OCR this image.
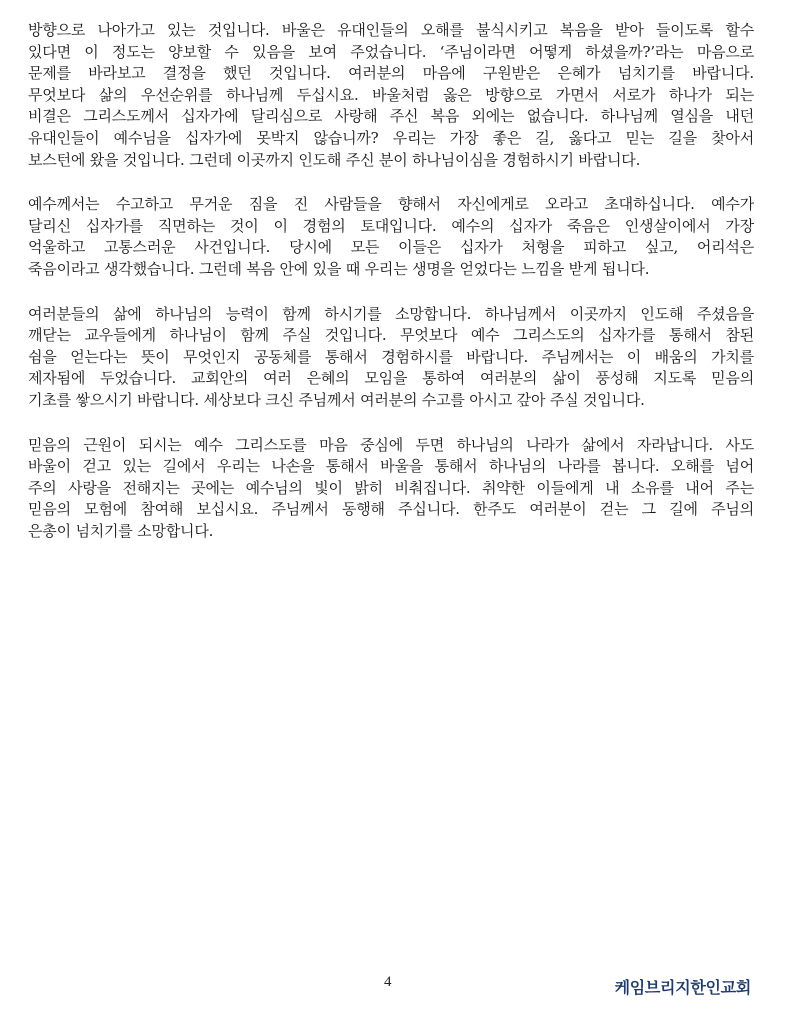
방향으로 나아가고 있는 것입니다. 바울은 유대인들의 오해를 불식시키고 복음을 받아 들이도록 할수
있다면 이 정도는 양보할 수 있음을 보여 주었습니다. ‘주님이라면 어떻게 하셨을까?’라는 마음으로
문제를 바라보고 결정을 했던 것입니다. 여러분의 마음에 구원받은 은혜가 넘치기를 바랍니다.
무엇보다 삶의 우선순위를 하나님께 두십시요. 바울처럼 옳은 방향으로 가면서 서로가 하나가 되는
비결은 그리스도께서 십자가에 달리심으로 사랑해 주신 복음 외에는 없습니다. 하나님께 열심을 내던
유대인들이 예수님을 십자가에 못박지 않습니까? 우리는 가장 좋은 길, 옳다고 믿는 길을 찾아서
보스턴에 왔을 것입니다. 그런데 이곳까지 인도해 주신 분이 하나님이심을 경험하시기 바랍니다.
예수께서는 수고하고 무거운 짐을 진 사람들을 향해서 자신에게로 오라고 초대하십니다. 예수가
달리신 십자가를 직면하는 것이 이 경험의 토대입니다. 예수의 십자가 죽음은 인생살이에서 가장
억울하고 고통스러운 사건입니다. 당시에 모든 이들은 십자가 처형을 피하고 싶고, 어리석은
죽음이라고 생각했습니다. 그런데 복음 안에 있을 때 우리는 생명을 얻었다는 느낌을 받게 됩니다.
여러분들의 삶에 하나님의 능력이 함께 하시기를 소망합니다. 하나님께서 이곳까지 인도해 주셨음을
깨닫는 교우들에게 하나님이 함께 주실 것입니다. 무엇보다 예수 그리스도의 십자가를 통해서 참된
쉼을 얻는다는 뜻이 무엇인지 공동체를 통해서 경험하시를 바랍니다. 주님께서는 이 배움의 가치를
제자됨에 두었습니다. 교회안의 여러 은혜의 모임을 통하여 여러분의 삶이 풍성해 지도록 믿음의
기초를 쌓으시기 바랍니다. 세상보다 크신 주님께서 여러분의 수고를 아시고 갚아 주실 것입니다.
믿음의 근원이 되시는 예수 그리스도를 마음 중심에 두면 하나님의 나라가 삶에서 자라납니다. 사도
바울이 걷고 있는 길에서 우리는 나손을 통해서 바울을 통해서 하나님의 나라를 봅니다. 오해를 넘어
주의 사랑을 전해지는 곳에는 예수님의 빛이 밝히 비춰집니다. 취약한 이들에게 내 소유를 내어 주는
믿음의 모험에 참여해 보십시요. 주님께서 동행해 주십니다. 한주도 여러분이 걷는 그 길에 주님의
은총이 넘치기를 소망합니다.
4	케임브리지한인교회
